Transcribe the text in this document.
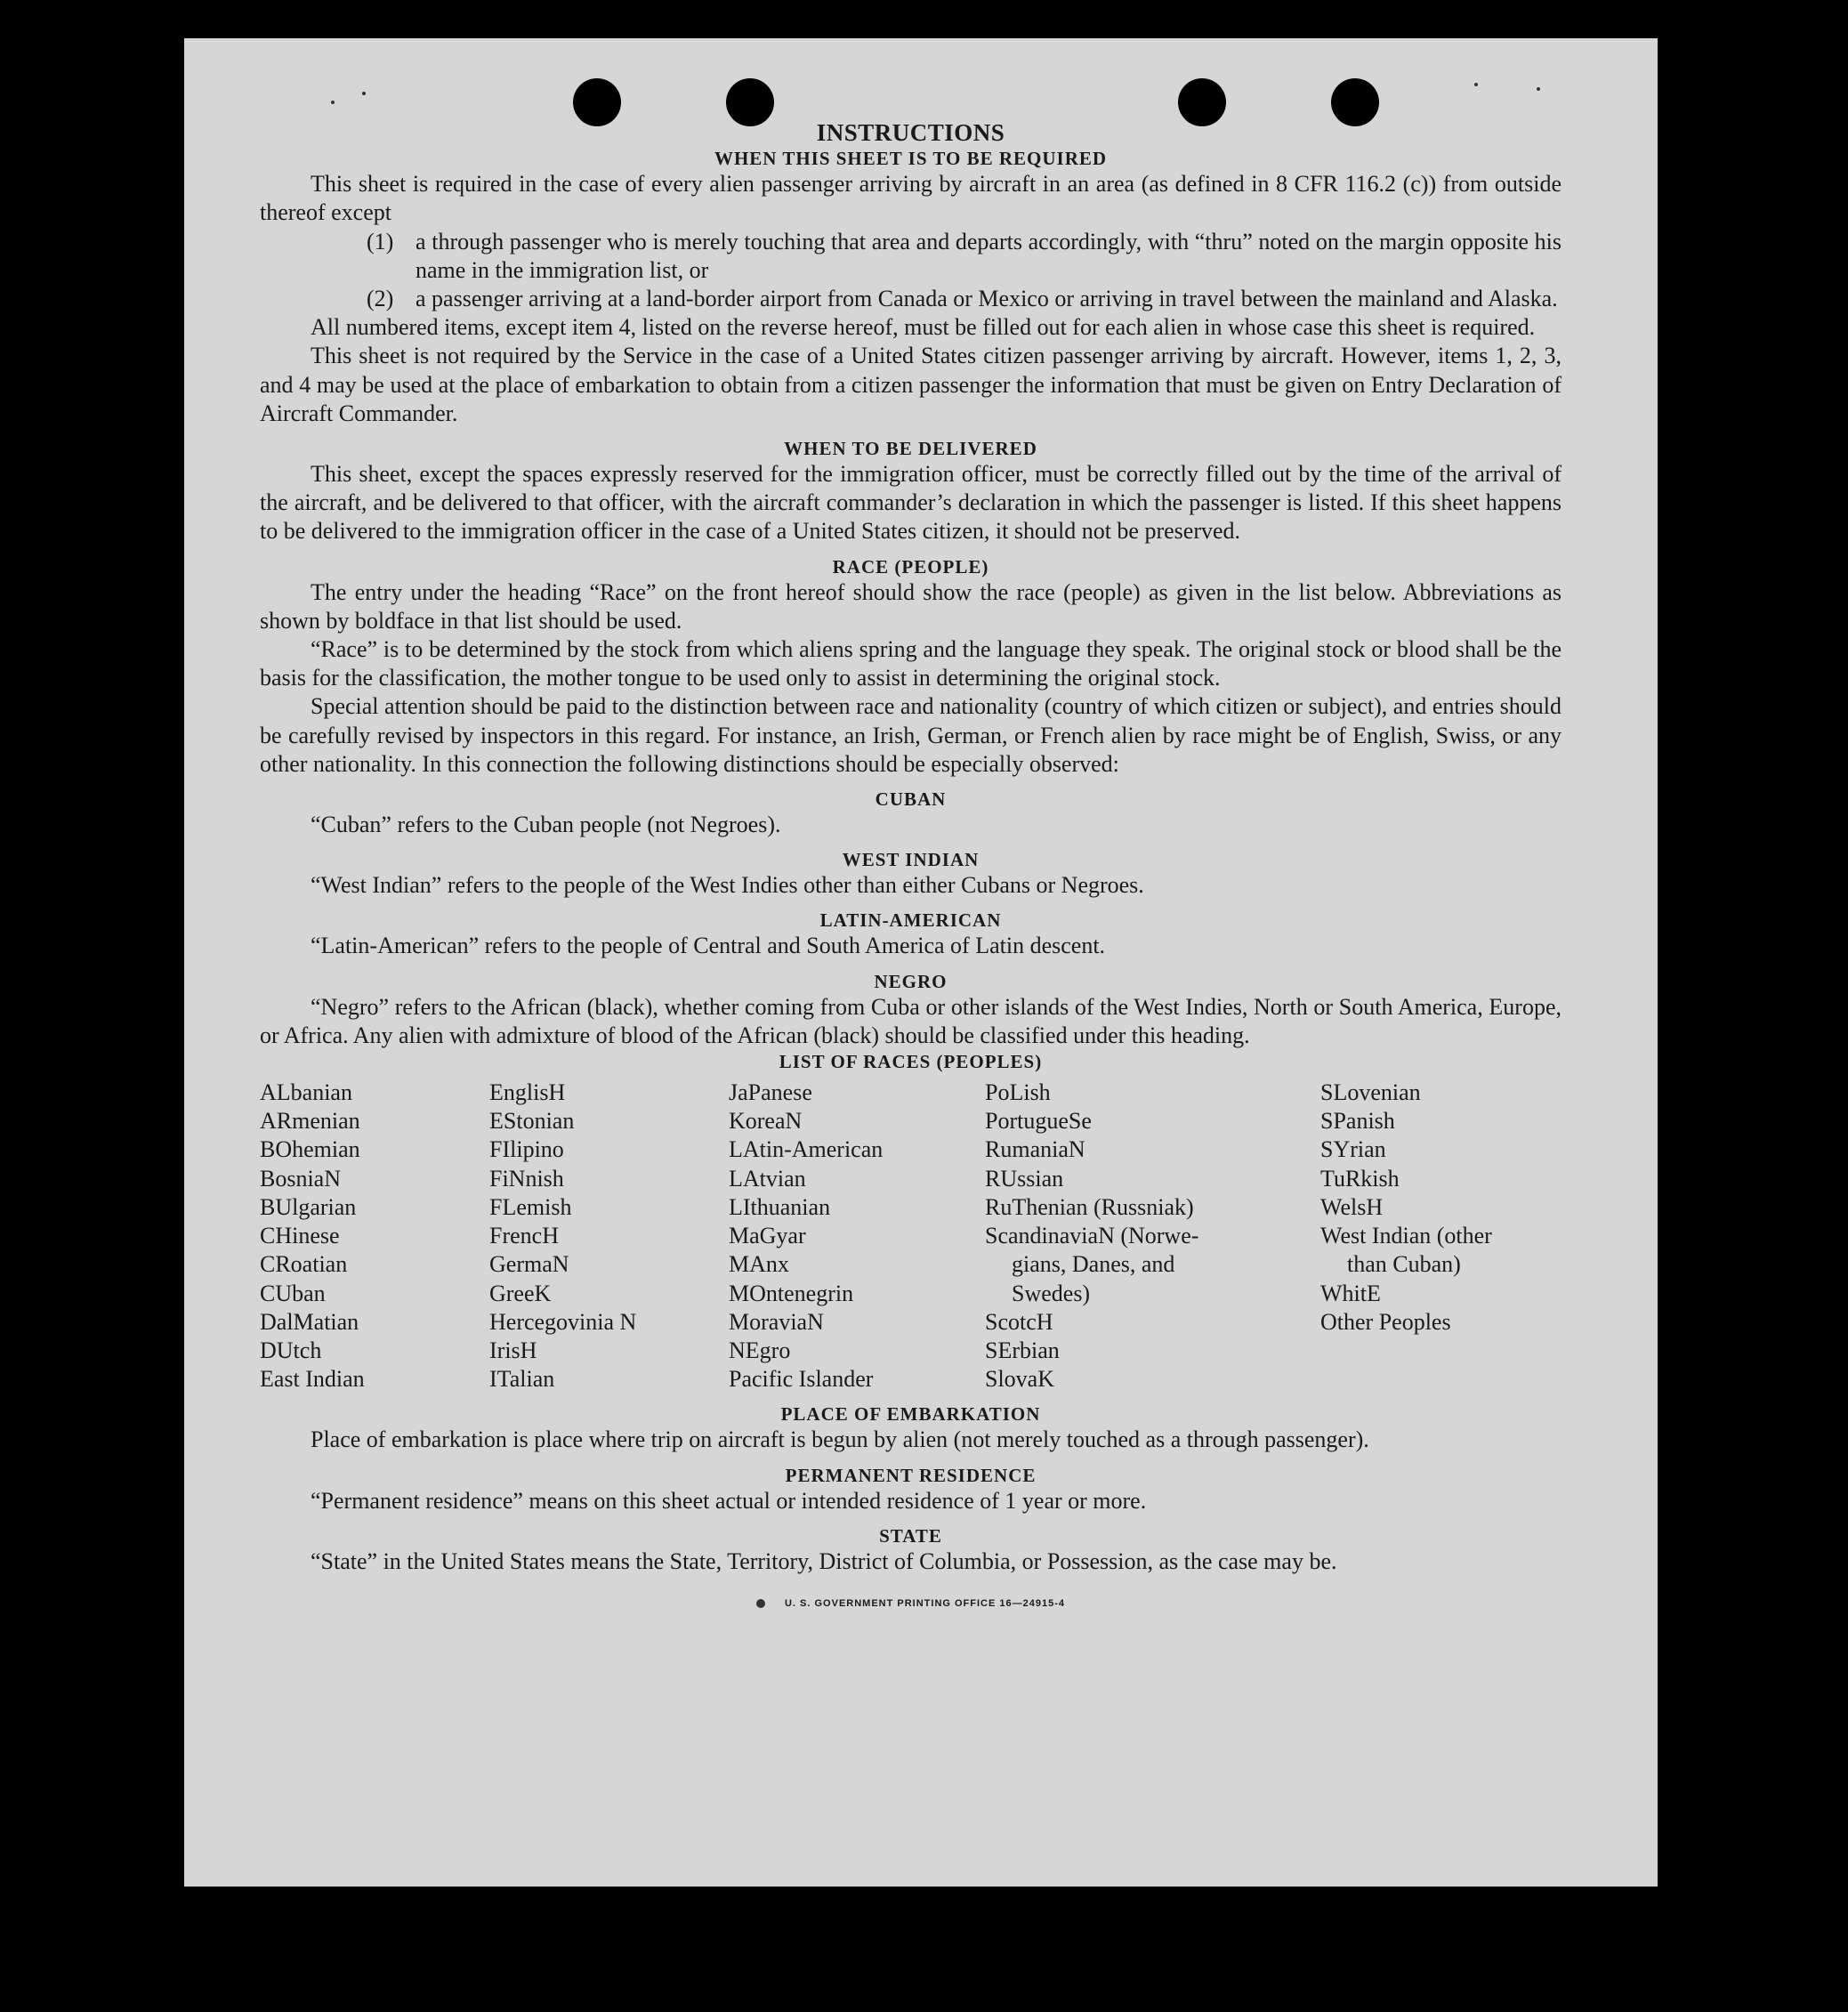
INSTRUCTIONS
WHEN THIS SHEET IS TO BE REQUIRED

This sheet is required in the case of every alien passenger arriving by aircraft in an area (as defined in 8 CFR 116.2 (c)) from outside thereof except

(1) a through passenger who is merely touching that area and departs accordingly, with “thru” noted on the margin opposite his name in the immigration list, or
(2) a passenger arriving at a land-border airport from Canada or Mexico or arriving in travel between the mainland and Alaska.

All numbered items, except item 4, listed on the reverse hereof, must be filled out for each alien in whose case this sheet is required.

This sheet is not required by the Service in the case of a United States citizen passenger arriving by aircraft. However, items 1, 2, 3, and 4 may be used at the place of embarkation to obtain from a citizen passenger the information that must be given on Entry Declaration of Aircraft Commander.

WHEN TO BE DELIVERED

This sheet, except the spaces expressly reserved for the immigration officer, must be correctly filled out by the time of the arrival of the aircraft, and be delivered to that officer, with the aircraft commander’s declaration in which the passenger is listed. If this sheet happens to be delivered to the immigration officer in the case of a United States citizen, it should not be preserved.

RACE (PEOPLE)

The entry under the heading “Race” on the front hereof should show the race (people) as given in the list below. Abbreviations as shown by boldface in that list should be used.

“Race” is to be determined by the stock from which aliens spring and the language they speak. The original stock or blood shall be the basis for the classification, the mother tongue to be used only to assist in determining the original stock.

Special attention should be paid to the distinction between race and nationality (country of which citizen or subject), and entries should be carefully revised by inspectors in this regard. For instance, an Irish, German, or French alien by race might be of English, Swiss, or any other nationality. In this connection the following distinctions should be especially observed:

CUBAN

“Cuban” refers to the Cuban people (not Negroes).

WEST INDIAN

“West Indian” refers to the people of the West Indies other than either Cubans or Negroes.

LATIN-AMERICAN

“Latin-American” refers to the people of Central and South America of Latin descent.

NEGRO

“Negro” refers to the African (black), whether coming from Cuba or other islands of the West Indies, North or South America, Europe, or Africa. Any alien with admixture of blood of the African (black) should be classified under this heading.

LIST OF RACES (PEOPLES)
ALbanian
ARmenian
BOhemian
BosniaN
BUlgarian
CHinese
CRoatian
CUban
DalMatian
DUtch
East Indian
EnglisH
EStonian
FIlipino
FiNnish
FLemish
FrencH
GermaN
GreeK
Hercegovinia N
IrisH
ITalian
JaPanese
KoreaN
LAtin-American
LAtvian
LIthuanian
MaGyar
MAnx
MOntenegrin
MoraviaN
NEgro
Pacific Islander
PoLish
PortugueSe
RumaniaN
RUssian
RuThenian (Russniak)
ScandinaviaN (Norwe-
gians, Danes, and
Swedes)
ScotcH
SErbian
SlovaK
SLovenian
SPanish
SYrian
TuRkish
WelsH
West Indian (other
than Cuban)
WhitE
Other Peoples
PLACE OF EMBARKATION

Place of embarkation is place where trip on aircraft is begun by alien (not merely touched as a through passenger).

PERMANENT RESIDENCE

“Permanent residence” means on this sheet actual or intended residence of 1 year or more.

STATE

“State” in the United States means the State, Territory, District of Columbia, or Possession, as the case may be.

U. S. GOVERNMENT PRINTING OFFICE 16—24915-4
